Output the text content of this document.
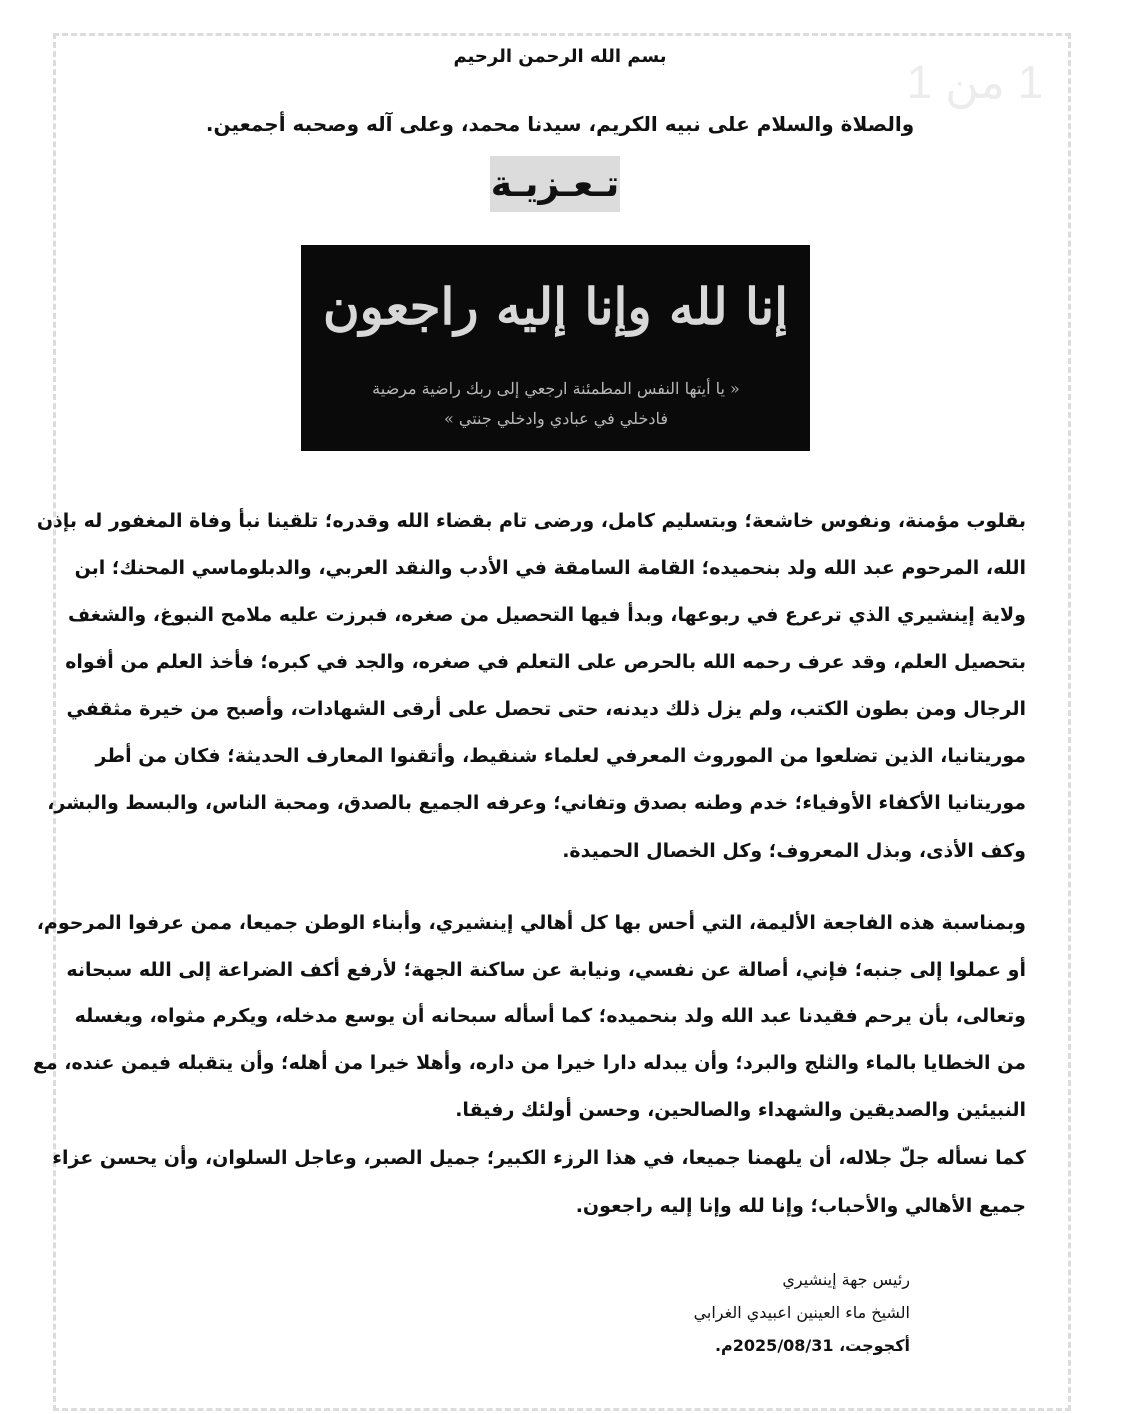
1 من 1
بسم الله الرحمن الرحيم
والصلاة والسلام على نبيه الكريم، سيدنا محمد، وعلى آله وصحبه أجمعين.
تـعـزيـة
إنا لله وإنا إليه راجعون
« يا أيتها النفس المطمئنة ارجعي إلى ربك راضية مرضية
فادخلي في عبادي وادخلي جنتي »
بقلوب مؤمنة، ونفوس خاشعة؛ وبتسليم كامل، ورضى تام بقضاء الله وقدره؛ تلقينا نبأ وفاة المغفور له بإذن
الله، المرحوم عبد الله ولد بنحميده؛ القامة السامقة في الأدب والنقد العربي، والدبلوماسي المحنك؛ ابن
ولاية إينشيري الذي ترعرع في ربوعها، وبدأ فيها التحصيل من صغره، فبرزت عليه ملامح النبوغ، والشغف
بتحصيل العلم، وقد عرف رحمه الله بالحرص على التعلم في صغره، والجد في كبره؛ فأخذ العلم من أفواه
الرجال ومن بطون الكتب، ولم يزل ذلك ديدنه، حتى تحصل على أرقى الشهادات، وأصبح من خيرة مثقفي
موريتانيا، الذين تضلعوا من الموروث المعرفي لعلماء شنقيط، وأتقنوا المعارف الحديثة؛ فكان من أطر
موريتانيا الأكفاء الأوفياء؛ خدم وطنه بصدق وتفاني؛ وعرفه الجميع بالصدق، ومحبة الناس، والبسط والبشر،
وكف الأذى، وبذل المعروف؛ وكل الخصال الحميدة.
وبمناسبة هذه الفاجعة الأليمة، التي أحس بها كل أهالي إينشيري، وأبناء الوطن جميعا، ممن عرفوا المرحوم،
أو عملوا إلى جنبه؛ فإني، أصالة عن نفسي، ونيابة عن ساكنة الجهة؛ لأرفع أكف الضراعة إلى الله سبحانه
وتعالى، بأن يرحم فقيدنا عبد الله ولد بنحميده؛ كما أسأله سبحانه أن يوسع مدخله، ويكرم مثواه، ويغسله
من الخطايا بالماء والثلج والبرد؛ وأن يبدله دارا خيرا من داره، وأهلا خيرا من أهله؛ وأن يتقبله فيمن عنده، مع
النبيئين والصديقين والشهداء والصالحين، وحسن أولئك رفيقا.
كما نسأله جلّ جلاله، أن يلهمنا جميعا، في هذا الرزء الكبير؛ جميل الصبر، وعاجل السلوان، وأن يحسن عزاء
جميع الأهالي والأحباب؛ وإنا لله وإنا إليه راجعون.
رئيس جهة إينشيري
الشيخ ماء العينين اعبيدي الغرابي
أكجوجت، 2025/08/31م.
